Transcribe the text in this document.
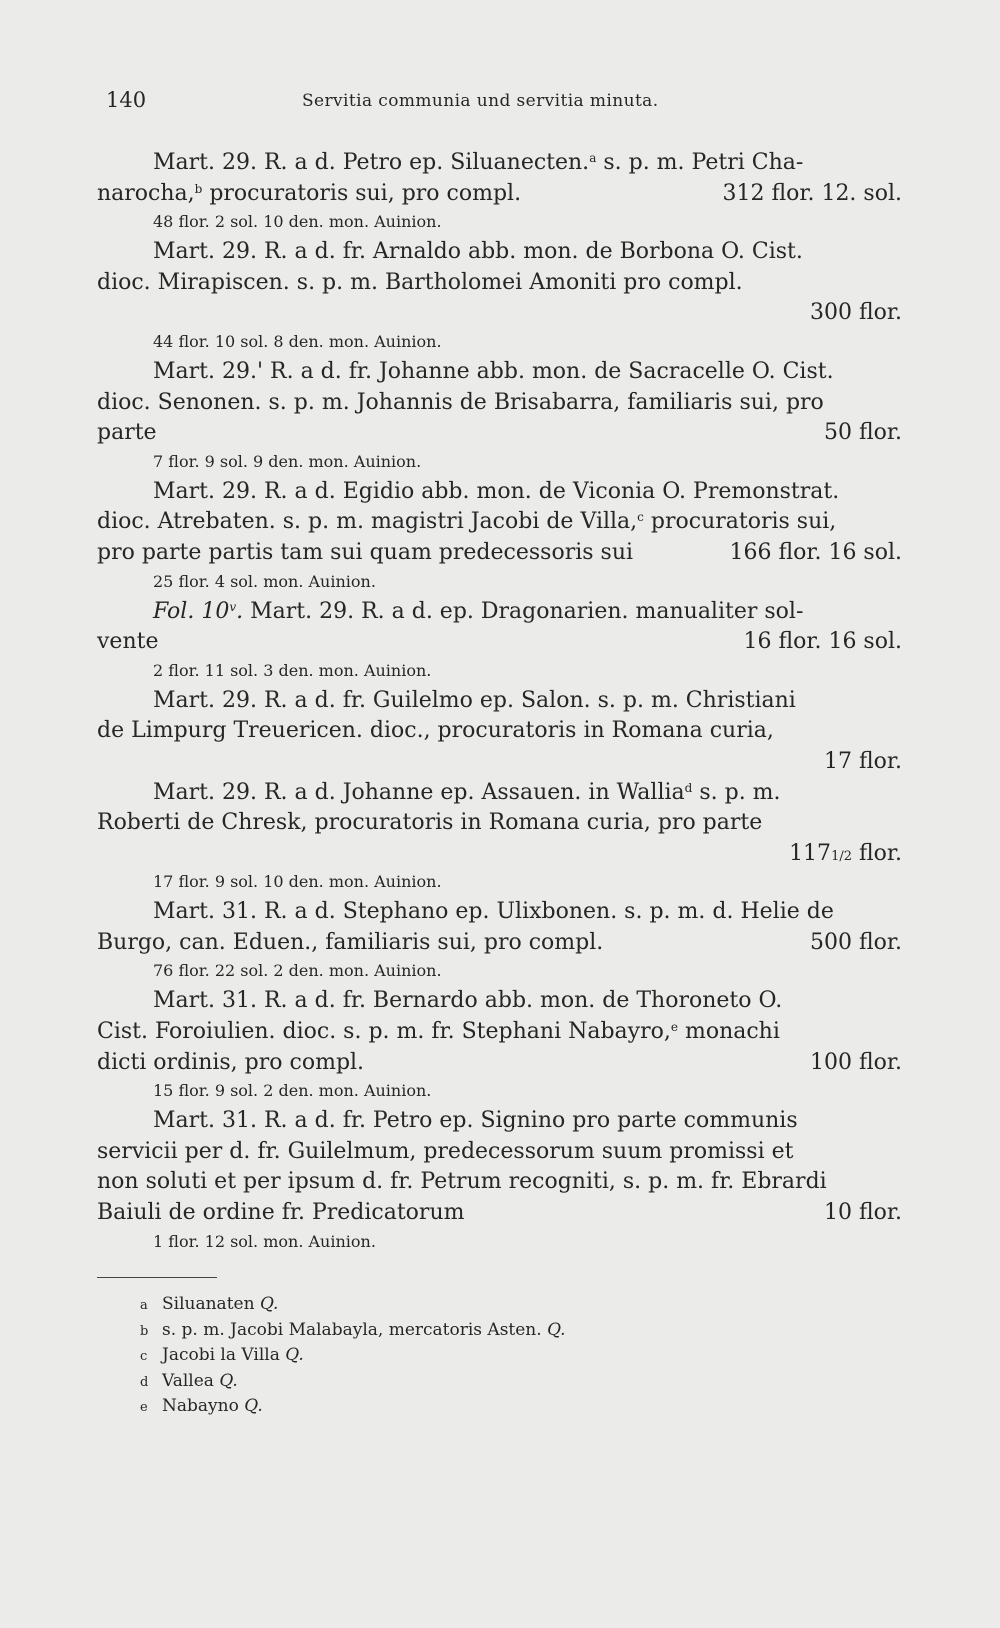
140	Servitia communia und servitia minuta.
Mart. 29. R. a d. Petro ep. Siluanecten.$^a$ s. p. m. Petri Cha-
narocha,$^b$ procuratoris sui, pro compl.	312 flor. 12. sol.
48 flor. 2 sol. 10 den. mon. Auinion.
Mart. 29. R. a d. fr. Arnaldo abb. mon. de Borbona O. Cist.
dioc. Mirapiscen. s. p. m. Bartholomei Amoniti pro compl.
300 flor.
44 flor. 10 sol. 8 den. mon. Auinion.
Mart. 29.' R. a d. fr. Johanne abb. mon. de Sacracelle O. Cist.
dioc. Senonen. s. p. m. Johannis de Brisabarra, familiaris sui, pro
parte	50 flor.
7 flor. 9 sol. 9 den. mon. Auinion.
Mart. 29. R. a d. Egidio abb. mon. de Viconia O. Premonstrat.
dioc. Atrebaten. s. p. m. magistri Jacobi de Villa,$^c$ procuratoris sui,
pro parte partis tam sui quam predecessoris sui	166 flor. 16 sol.
25 flor. 4 sol. mon. Auinion.
Fol. 10$^v$. Mart. 29. R. a d. ep. Dragonarien. manualiter sol-
vente	16 flor. 16 sol.
2 flor. 11 sol. 3 den. mon. Auinion.
Mart. 29. R. a d. fr. Guilelmo ep. Salon. s. p. m. Christiani
de Limpurg Treuericen. dioc., procuratoris in Romana curia,
17 flor.
Mart. 29. R. a d. Johanne ep. Assauen. in Wallia$^d$ s. p. m.
Roberti de Chresk, procuratoris in Romana curia, pro parte
1171/2 flor.
17 flor. 9 sol. 10 den. mon. Auinion.
Mart. 31. R. a d. Stephano ep. Ulixbonen. s. p. m. d. Helie de
Burgo, can. Eduen., familiaris sui, pro compl.	500 flor.
76 flor. 22 sol. 2 den. mon. Auinion.
Mart. 31. R. a d. fr. Bernardo abb. mon. de Thoroneto O.
Cist. Foroiulien. dioc. s. p. m. fr. Stephani Nabayro,$^e$ monachi
dicti ordinis, pro compl.	100 flor.
15 flor. 9 sol. 2 den. mon. Auinion.
Mart. 31. R. a d. fr. Petro ep. Signino pro parte communis
servicii per d. fr. Guilelmum, predecessorum suum promissi et
non soluti et per ipsum d. fr. Petrum recogniti, s. p. m. fr. Ebrardi
Baiuli de ordine fr. Predicatorum	10 flor.
1 flor. 12 sol. mon. Auinion.
a Siluanaten Q.
b s. p. m. Jacobi Malabayla, mercatoris Asten. Q.
c Jacobi la Villa Q.
d Vallea Q.
e Nabayno Q.
